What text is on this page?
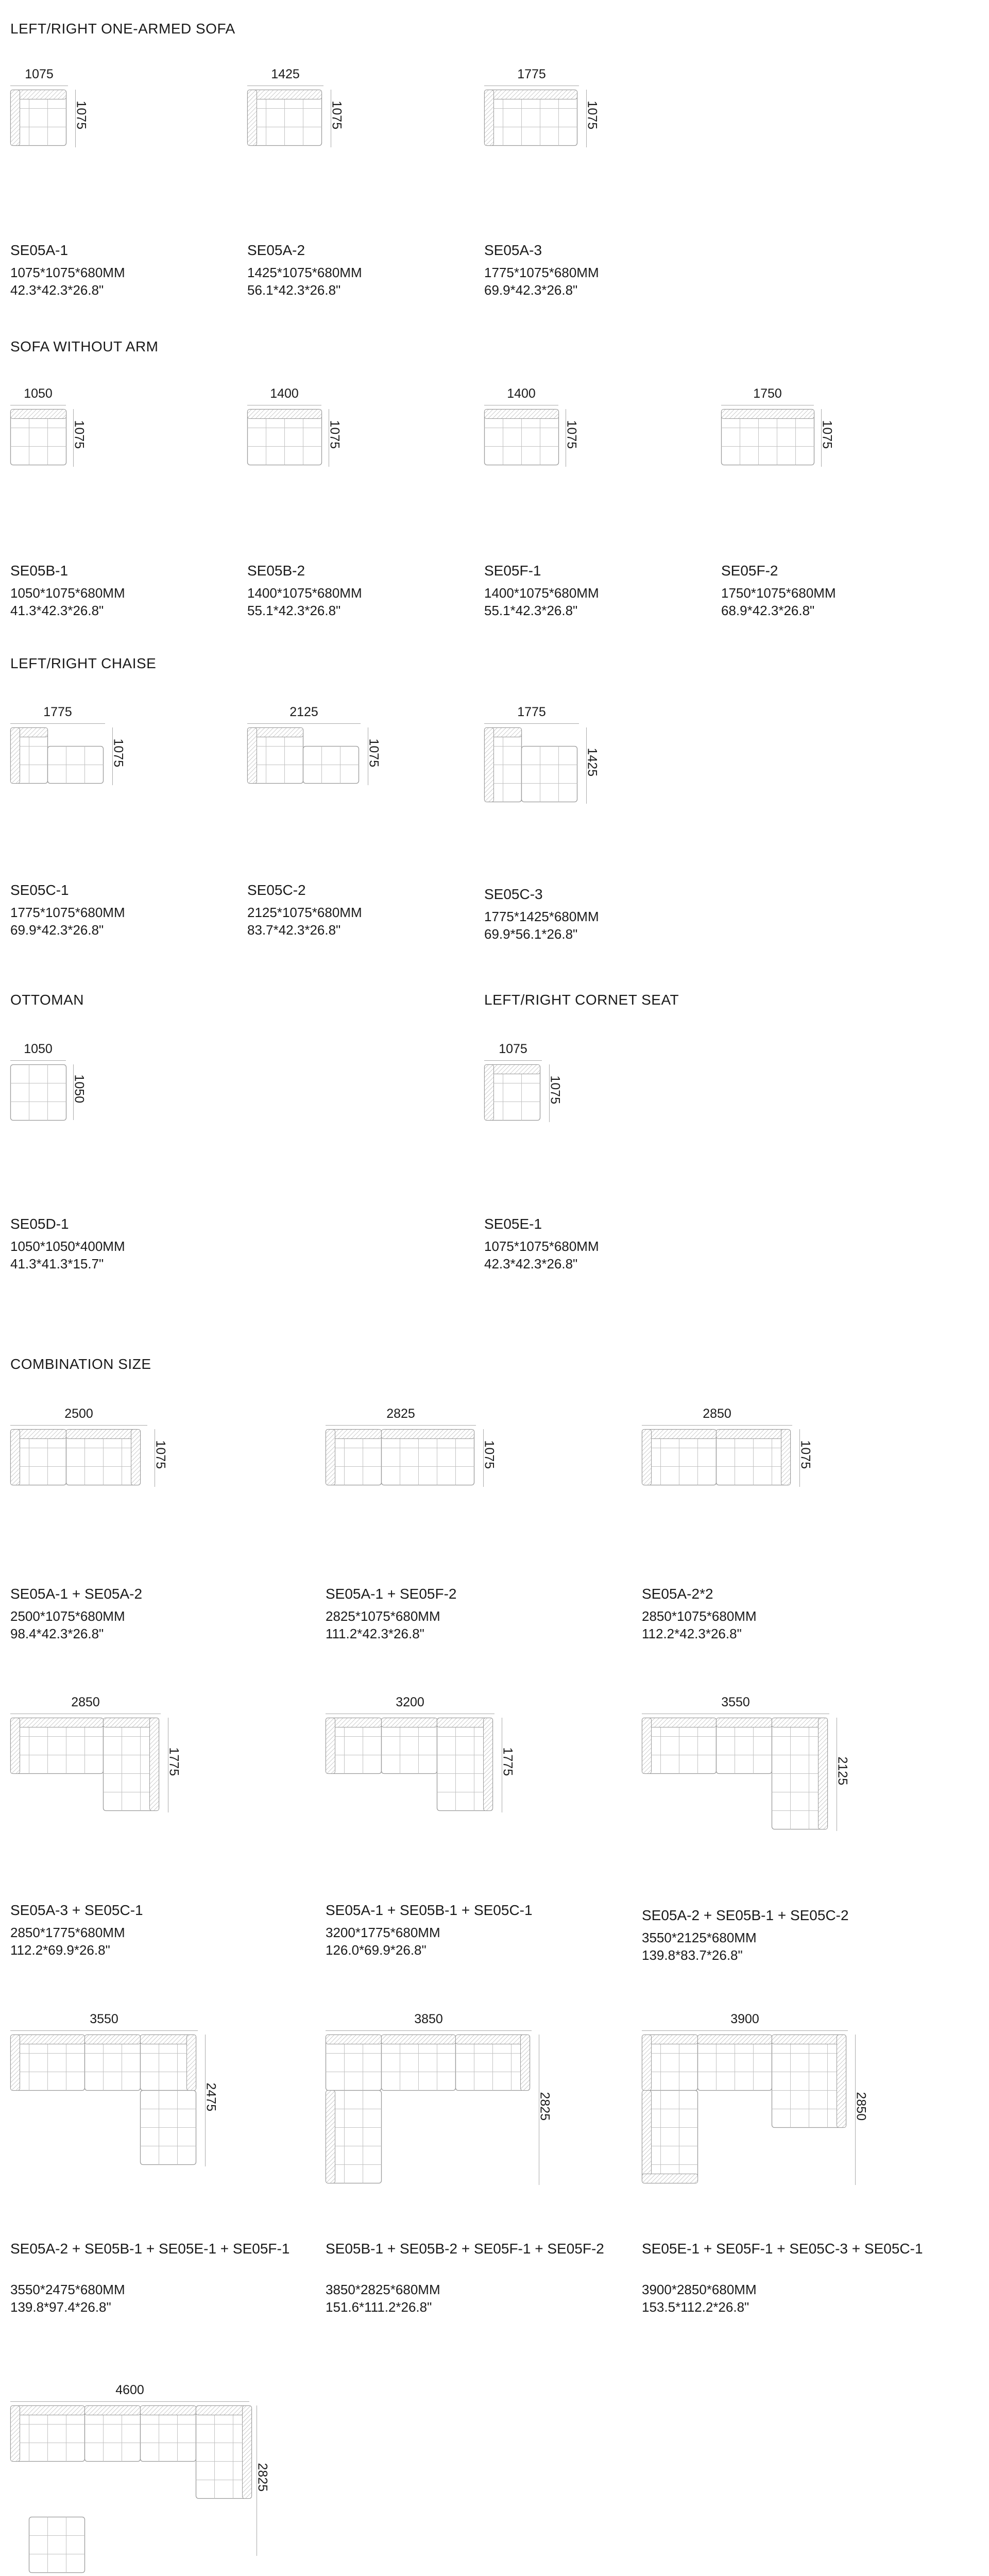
LEFT/RIGHT ONE-ARMED SOFA
SOFA WITHOUT ARM
LEFT/RIGHT CHAISE
OTTOMAN	LEFT/RIGHT CORNET SEAT
COMBINATION SIZE
1075
1075
SE05A-1
1075*1075*680MM
42.3*42.3*26.8"
1425
1075
SE05A-2
1425*1075*680MM
56.1*42.3*26.8"
1775
1075
SE05A-3
1775*1075*680MM
69.9*42.3*26.8"
1050
1075
SE05B-1
1050*1075*680MM
41.3*42.3*26.8"
1400
1075
SE05B-2
1400*1075*680MM
55.1*42.3*26.8"
1400
1075
SE05F-1
1400*1075*680MM
55.1*42.3*26.8"
1750
1075
SE05F-2
1750*1075*680MM
68.9*42.3*26.8"
1775
1075
SE05C-1
1775*1075*680MM
69.9*42.3*26.8"
2125
1075
SE05C-2
2125*1075*680MM
83.7*42.3*26.8"
1775
1425
SE05C-3
1775*1425*680MM
69.9*56.1*26.8"
1050
1050
SE05D-1
1050*1050*400MM
41.3*41.3*15.7"
1075
1075
SE05E-1
1075*1075*680MM
42.3*42.3*26.8"
2500
1075
SE05A-1 + SE05A-2
2500*1075*680MM
98.4*42.3*26.8"
2825
1075
SE05A-1 + SE05F-2
2825*1075*680MM
111.2*42.3*26.8"
2850
1075
SE05A-2*2
2850*1075*680MM
112.2*42.3*26.8"
2850
1775
SE05A-3 + SE05C-1
2850*1775*680MM
112.2*69.9*26.8"
3200
1775
SE05A-1 + SE05B-1 + SE05C-1
3200*1775*680MM
126.0*69.9*26.8"
3550
2125
SE05A-2 + SE05B-1 + SE05C-2
3550*2125*680MM
139.8*83.7*26.8"
3550
2475
SE05A-2 + SE05B-1 + SE05E-1 + SE05F-1
3550*2475*680MM
139.8*97.4*26.8"
3850
2825
SE05B-1 + SE05B-2 + SE05F-1 + SE05F-2
3850*2825*680MM
151.6*111.2*26.8"
3900
2850
SE05E-1 + SE05F-1 + SE05C-3 + SE05C-1
3900*2850*680MM
153.5*112.2*26.8"
4600
2825
